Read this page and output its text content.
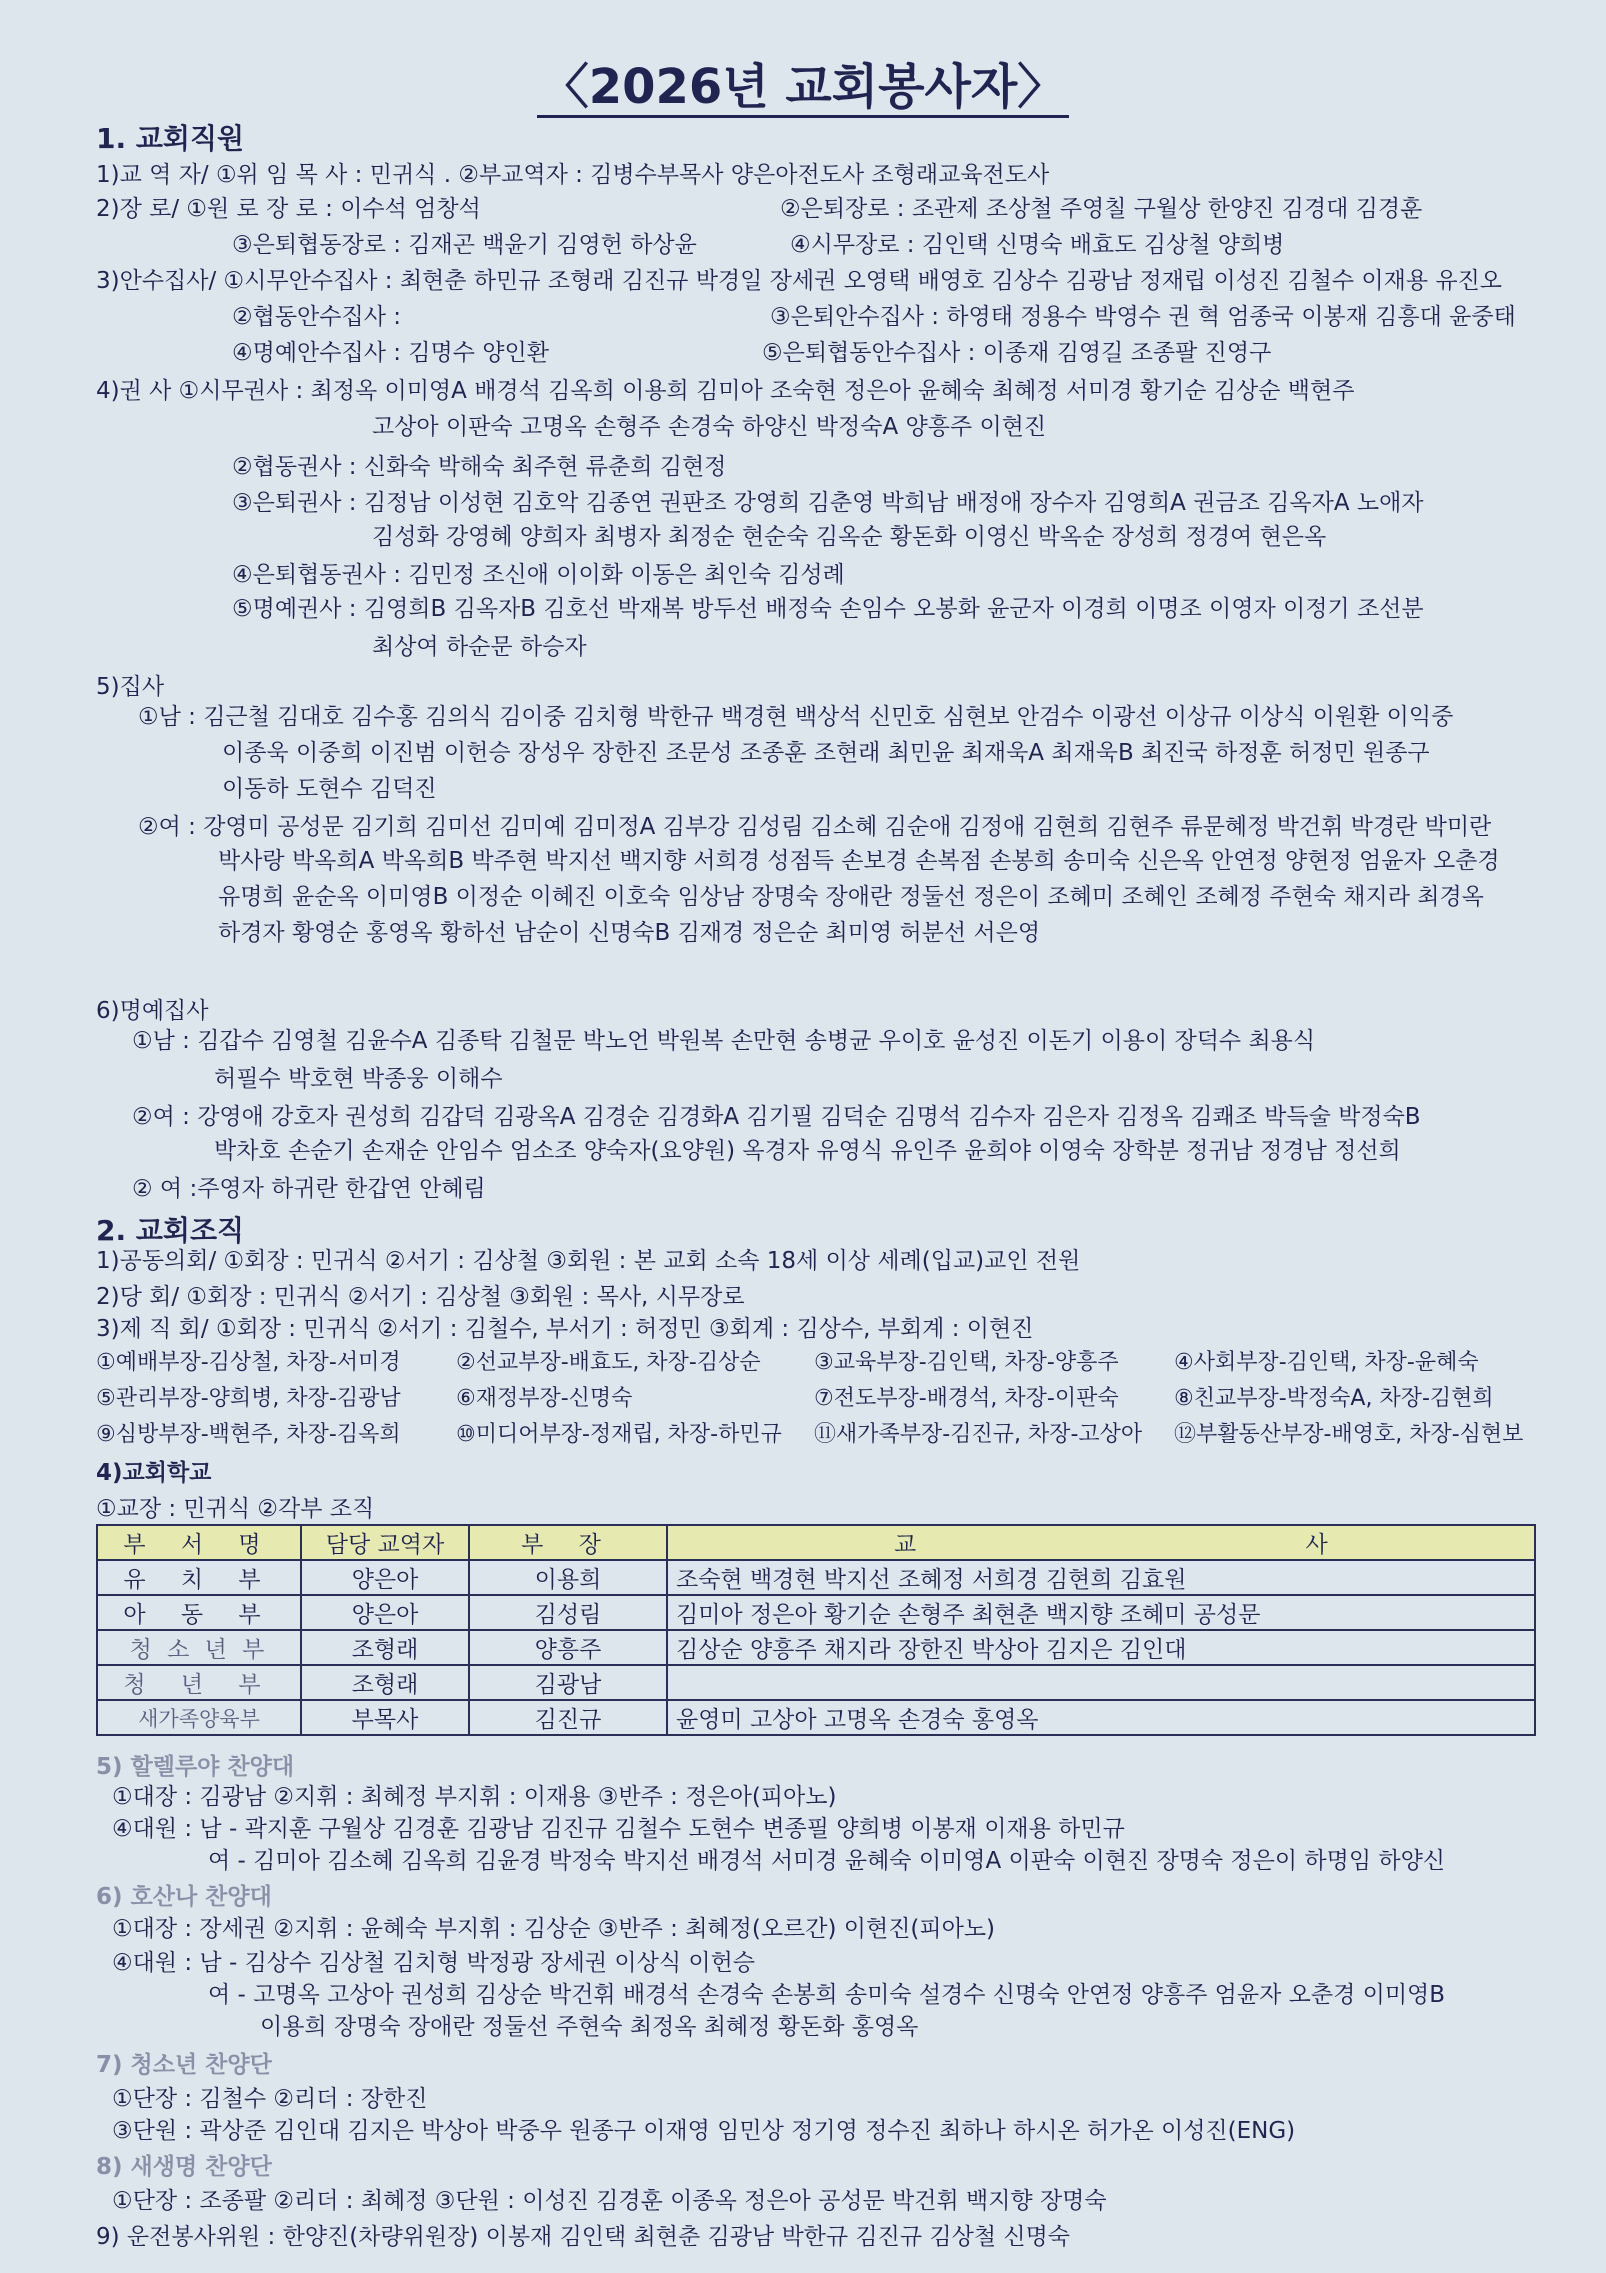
〈2026년 교회봉사자〉
1. 교회직원
1)교 역 자/ ①위 임 목 사 : 민귀식 . ②부교역자 : 김병수부목사 양은아전도사 조형래교육전도사
2)장 로/ ①원 로 장 로 : 이수석 엄창석	②은퇴장로 : 조관제 조상철 주영칠 구월상 한양진 김경대 김경훈
③은퇴협동장로 : 김재곤 백윤기 김영헌 하상윤	④시무장로 : 김인택 신명숙 배효도 김상철 양희병
3)안수집사/ ①시무안수집사 : 최현춘 하민규 조형래 김진규 박경일 장세권 오영택 배영호 김상수 김광남 정재립 이성진 김철수 이재용 유진오
②협동안수집사 :	③은퇴안수집사 : 하영태 정용수 박영수 권 혁 엄종국 이봉재 김흥대 윤중태
④명예안수집사 : 김명수 양인환	⑤은퇴협동안수집사 : 이종재 김영길 조종팔 진영구
4)권 사 ①시무권사 : 최정옥 이미영A 배경석 김옥희 이용희 김미아 조숙현 정은아 윤혜숙 최혜정 서미경 황기순 김상순 백현주
고상아 이판숙 고명옥 손형주 손경숙 하양신 박정숙A 양흥주 이현진
②협동권사 : 신화숙 박해숙 최주현 류춘희 김현정
③은퇴권사 : 김정남 이성현 김호악 김종연 권판조 강영희 김춘영 박희남 배정애 장수자 김영희A 권금조 김옥자A 노애자
김성화 강영혜 양희자 최병자 최정순 현순숙 김옥순 황돈화 이영신 박옥순 장성희 정경여 현은옥
④은퇴협동권사 : 김민정 조신애 이이화 이동은 최인숙 김성례
⑤명예권사 : 김영희B 김옥자B 김호선 박재복 방두선 배정숙 손임수 오봉화 윤군자 이경희 이명조 이영자 이정기 조선분
최상여 하순문 하승자
5)집사
①남 : 김근철 김대호 김수홍 김의식 김이중 김치형 박한규 백경현 백상석 신민호 심현보 안검수 이광선 이상규 이상식 이원환 이익중
이종욱 이중희 이진범 이헌승 장성우 장한진 조문성 조종훈 조현래 최민윤 최재욱A 최재욱B 최진국 하정훈 허정민 원종구
이동하 도현수 김덕진
②여 : 강영미 공성문 김기희 김미선 김미예 김미정A 김부강 김성림 김소혜 김순애 김정애 김현희 김현주 류문혜정 박건휘 박경란 박미란
박사랑 박옥희A 박옥희B 박주현 박지선 백지향 서희경 성점득 손보경 손복점 손봉희 송미숙 신은옥 안연정 양현정 엄윤자 오춘경
유명희 윤순옥 이미영B 이정순 이혜진 이호숙 임상남 장명숙 장애란 정둘선 정은이 조혜미 조혜인 조혜정 주현숙 채지라 최경옥
하경자 황영순 홍영옥 황하선 남순이 신명숙B 김재경 정은순 최미영 허분선 서은영
6)명예집사
①남 : 김갑수 김영철 김윤수A 김종탁 김철문 박노언 박원복 손만현 송병균 우이호 윤성진 이돈기 이용이 장덕수 최용식
허필수 박호현 박종웅 이해수
②여 : 강영애 강호자 권성희 김갑덕 김광옥A 김경순 김경화A 김기필 김덕순 김명석 김수자 김은자 김정옥 김쾌조 박득술 박정숙B
박차호 손순기 손재순 안임수 엄소조 양숙자(요양원) 옥경자 유영식 유인주 윤희야 이영숙 장학분 정귀남 정경남 정선희
② 여 :주영자 하귀란 한갑연 안혜림
2. 교회조직
1)공동의회/ ①회장 : 민귀식 ②서기 : 김상철 ③회원 : 본 교회 소속 18세 이상 세례(입교)교인 전원
2)당 회/ ①회장 : 민귀식 ②서기 : 김상철 ③회원 : 목사, 시무장로
3)제 직 회/ ①회장 : 민귀식 ②서기 : 김철수, 부서기 : 허정민 ③회계 : 김상수, 부회계 : 이현진
①예배부장-김상철, 차장-서미경	②선교부장-배효도, 차장-김상순 ③교육부장-김인택, 차장-양흥주	④사회부장-김인택, 차장-윤혜숙
⑤관리부장-양희병, 차장-김광남	⑥재정부장-신명숙	⑦전도부장-배경석, 차장-이판숙	⑧친교부장-박정숙A, 차장-김현희
⑨심방부장-백현주, 차장-김옥희	⑩미디어부장-정재립, 차장-하민규 ⑪새가족부장-김진규, 차장-고상아 ⑫부활동산부장-배영호, 차장-심현보
4)교회학교
①교장 : 민귀식 ②각부 조직
부 서 명	담당 교역자	부 장	교 사
유 치 부	양은아	이용희	조숙현 백경현 박지선 조혜정 서희경 김현희 김효원
아 동 부	양은아	김성림	김미아 정은아 황기순 손형주 최현춘 백지향 조혜미 공성문
청 소 년 부	조형래	양흥주	김상순 양흥주 채지라 장한진 박상아 김지은 김인대
청 년 부	조형래	김광남	
새가족양육부	부목사	김진규	윤영미 고상아 고명옥 손경숙 홍영옥
5) 할렐루야 찬양대
①대장 : 김광남 ②지휘 : 최혜정 부지휘 : 이재용 ③반주 : 정은아(피아노)
④대원 : 남 - 곽지훈 구월상 김경훈 김광남 김진규 김철수 도현수 변종필 양희병 이봉재 이재용 하민규
여 - 김미아 김소혜 김옥희 김윤경 박정숙 박지선 배경석 서미경 윤혜숙 이미영A 이판숙 이현진 장명숙 정은이 하명임 하양신
6) 호산나 찬양대
①대장 : 장세권 ②지휘 : 윤혜숙 부지휘 : 김상순 ③반주 : 최혜정(오르간) 이현진(피아노)
④대원 : 남 - 김상수 김상철 김치형 박정광 장세권 이상식 이헌승
여 - 고명옥 고상아 권성희 김상순 박건휘 배경석 손경숙 손봉희 송미숙 설경수 신명숙 안연정 양흥주 엄윤자 오춘경 이미영B
이용희 장명숙 장애란 정둘선 주현숙 최정옥 최혜정 황돈화 홍영옥
7) 청소년 찬양단
①단장 : 김철수 ②리더 : 장한진
③단원 : 곽상준 김인대 김지은 박상아 박중우 원종구 이재영 임민상 정기영 정수진 최하나 하시온 허가온 이성진(ENG)
8) 새생명 찬양단
①단장 : 조종팔 ②리더 : 최혜정 ③단원 : 이성진 김경훈 이종옥 정은아 공성문 박건휘 백지향 장명숙
9) 운전봉사위원 : 한양진(차량위원장) 이봉재 김인택 최현춘 김광남 박한규 김진규 김상철 신명숙
